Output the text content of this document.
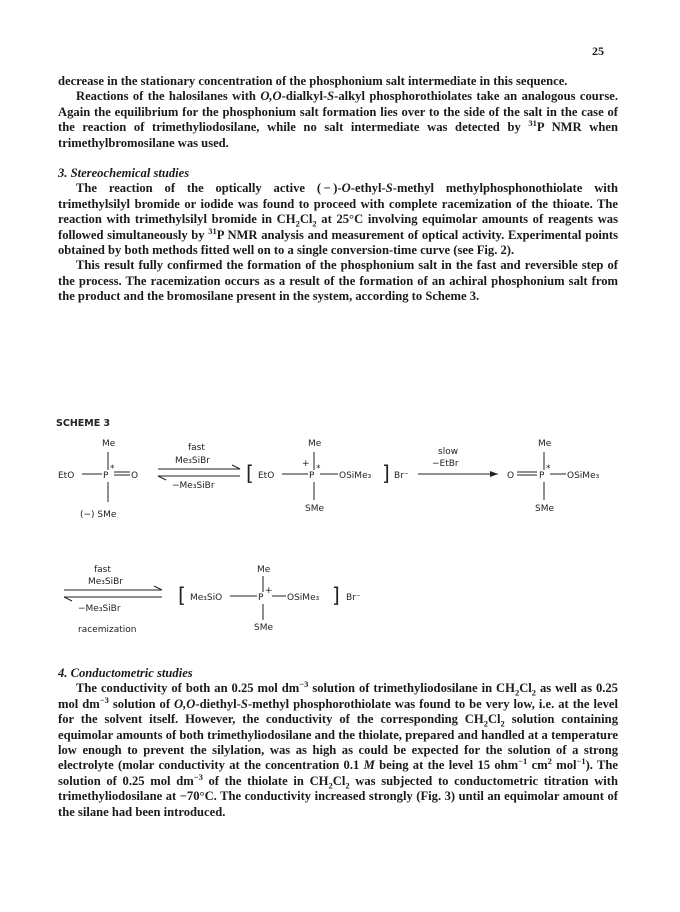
25

decrease in the stationary concentration of the phosphonium salt intermediate in this sequence.

Reactions of the halosilanes with O,O-dialkyl-S-alkyl phosphorothiolates take an analogous course. Again the equilibrium for the phosphonium salt formation lies over to the side of the salt in the case of the reaction of trimethyliodosilane, while no salt intermediate was detected by $^{31}$P NMR when trimethylbromosilane was used.

3. Stereochemical studies

The reaction of the optically active ( − )-O-ethyl-S-methyl methylphosphonothiolate with trimethylsilyl bromide or iodide was found to proceed with complete racemization of the thioate. The reaction with trimethylsilyl bromide in $CH_2Cl_2$ at 25°C involving equimolar amounts of reagents was followed simultaneously by $^{31}$P NMR analysis and measurement of optical activity. Experimental points obtained by both methods fitted well on to a single conversion-time curve (see Fig. 2).

This result fully confirmed the formation of the phosphonium salt in the fast and reversible step of the process. The racemization occurs as a result of the formation of an achiral phosphonium salt from the product and the bromosilane present in the system, according to Scheme 3.

SCHEME 3
Me
EtO	P
*
O
(−) SMe
fast
Me₃SiBr
−Me₃SiBr
[
Me
+
EtO	P
*
OSiMe₃
SMe
] Br⁻
slow
−EtBr
Me
O	P
*
OSiMe₃
SMe
fast
Me₃SiBr
−Me₃SiBr
racemization
[
Me
Me₃SiO	P
+
OSiMe₃
SMe
] Br⁻

4. Conductometric studies

The conductivity of both an 0.25 mol $dm^{-3}$ solution of trimethyliodosilane in $CH_2Cl_2$ as well as 0.25 mol $dm^{-3}$ solution of O,O-diethyl-S-methyl phosphorothiolate was found to be very low, i.e. at the level for the solvent itself. However, the conductivity of the corresponding $CH_2Cl_2$ solution containing equimolar amounts of both trimethyliodosilane and the thiolate, prepared and handled at a temperature low enough to prevent the silylation, was as high as could be expected for the solution of a strong electrolyte (molar conductivity at the concentration 0.1 M being at the level 15 ohm$^{-1}$ $cm^2$ mol$^{-1}$). The solution of 0.25 mol $dm^{-3}$ of the thiolate in $CH_2Cl_2$ was subjected to conductometric titration with trimethyliodosilane at −70°C. The conductivity increased strongly (Fig. 3) until an equimolar amount of the silane had been introduced.
